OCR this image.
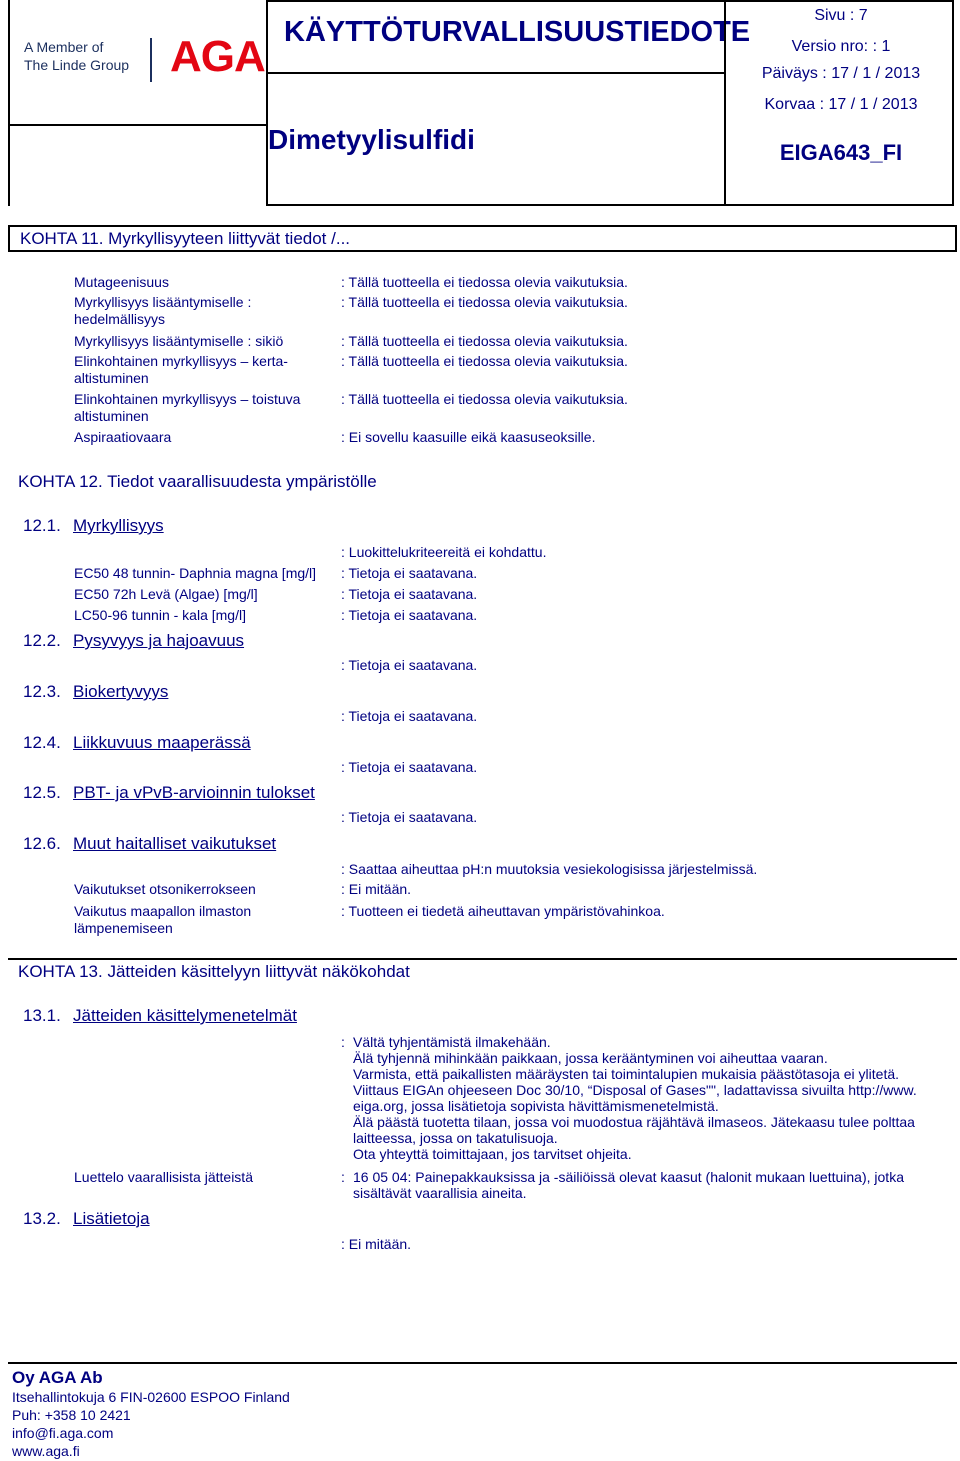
A Member of
The Linde Group AGA KÄYTTÖTURVALLISUUSTIEDOTE
Dimetyylisulfidi
Sivu : 7
Versio nro: : 1
Päiväys : 17 / 1 / 2013
Korvaa : 17 / 1 / 2013
EIGA643_FI
KOHTA 11. Myrkyllisyyteen liittyvät tiedot /...
Mutageenisuus	: Tällä tuotteella ei tiedossa olevia vaikutuksia.
Myrkyllisyys lisääntymiselle : hedelmällisyys
: Tällä tuotteella ei tiedossa olevia vaikutuksia.
Myrkyllisyys lisääntymiselle : sikiö	: Tällä tuotteella ei tiedossa olevia vaikutuksia.
Elinkohtainen myrkyllisyys – kerta-altistuminen
: Tällä tuotteella ei tiedossa olevia vaikutuksia.
Elinkohtainen myrkyllisyys – toistuva altistuminen
: Tällä tuotteella ei tiedossa olevia vaikutuksia.
Aspiraatiovaara	: Ei sovellu kaasuille eikä kaasuseoksille.
KOHTA 12. Tiedot vaarallisuudesta ympäristölle
12.1. Myrkyllisyys
: Luokittelukriteereitä ei kohdattu.
EC50 48 tunnin- Daphnia magna [mg/l]	: Tietoja ei saatavana.
EC50 72h Levä (Algae) [mg/l]	: Tietoja ei saatavana.
LC50-96 tunnin - kala [mg/l]	: Tietoja ei saatavana.
12.2. Pysyvyys ja hajoavuus
: Tietoja ei saatavana.
12.3. Biokertyvyys
: Tietoja ei saatavana.
12.4. Liikkuvuus maaperässä
: Tietoja ei saatavana.
12.5. PBT- ja vPvB-arvioinnin tulokset
: Tietoja ei saatavana.
12.6. Muut haitalliset vaikutukset
: Saattaa aiheuttaa pH:n muutoksia vesiekologisissa järjestelmissä.
Vaikutukset otsonikerrokseen	: Ei mitään.
Vaikutus maapallon ilmaston lämpenemiseen
: Tuotteen ei tiedetä aiheuttavan ympäristövahinkoa.
KOHTA 13. Jätteiden käsittelyyn liittyvät näkökohdat
13.1. Jätteiden käsittelymenetelmät
: Vältä tyhjentämistä ilmakehään.
Älä tyhjennä mihinkään paikkaan, jossa kerääntyminen voi aiheuttaa vaaran.
Varmista, että paikallisten määräysten tai toimintalupien mukaisia päästötasoja ei ylitetä.
Viittaus EIGAn ohjeeseen Doc 30/10, “Disposal of Gases"", ladattavissa sivuilta http://www.
eiga.org, jossa lisätietoja sopivista hävittämismenetelmistä.
Älä päästä tuotetta tilaan, jossa voi muodostua räjähtävä ilmaseos. Jätekaasu tulee polttaa
laitteessa, jossa on takatulisuoja.
Ota yhteyttä toimittajaan, jos tarvitset ohjeita.
Luettelo vaarallisista jätteistä	: 16 05 04: Painepakkauksissa ja -säiliöissä olevat kaasut (halonit mukaan luettuina), jotka
sisältävät vaarallisia aineita.
13.2. Lisätietoja
: Ei mitään.
Oy AGA Ab
Itsehallintokuja 6 FIN-02600 ESPOO Finland
Puh: +358 10 2421
info@fi.aga.com
www.aga.fi
